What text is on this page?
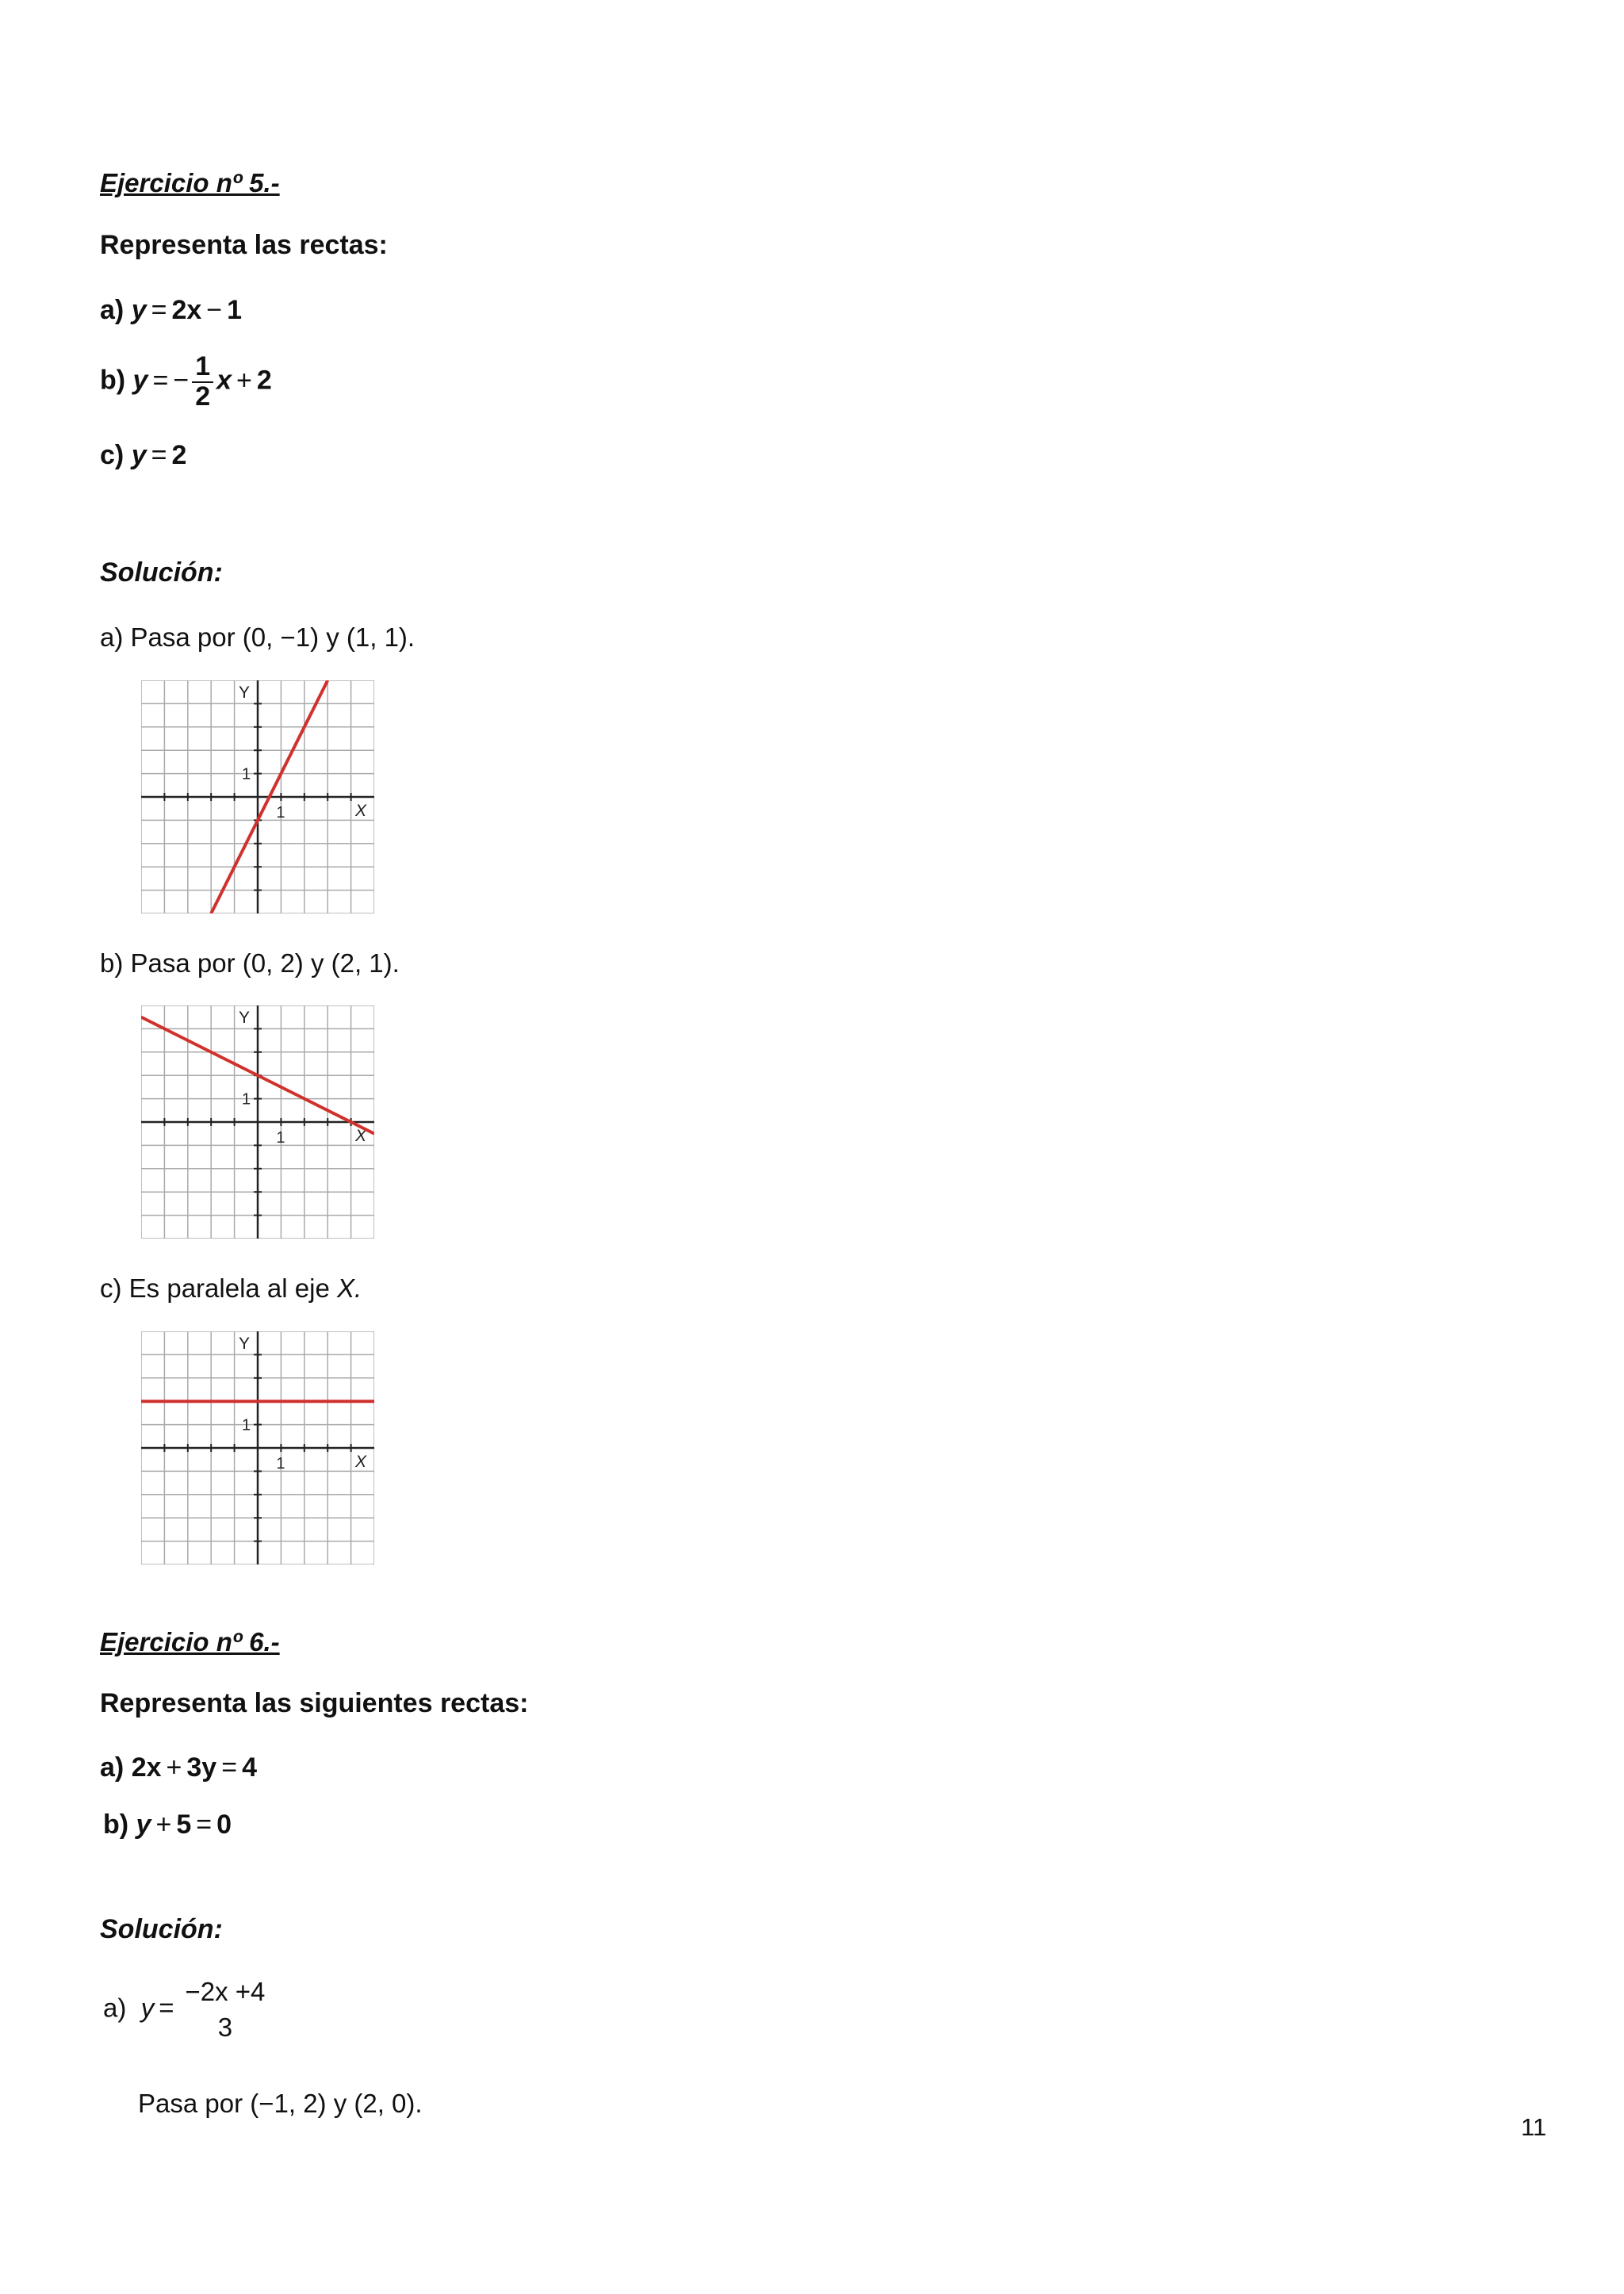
Ejercicio nº 5.-
Representa las rectas:
a) y = 2x − 1
b) y = − $\frac{1}{2}$ x + 2
c) y = 2
Solución:
a) Pasa por (0, −1) y (1, 1).
Y
X
1
1
b) Pasa por (0, 2) y (2, 1).
Y
X
1
1
c) Es paralela al eje X.
Y
X
1
1
Ejercicio nº 6.-
Representa las siguientes rectas:
a) 2x + 3y = 4
b) y + 5 = 0
Solución:
a) y =
−2x +4
3
Pasa por (−1, 2) y (2, 0).
11
